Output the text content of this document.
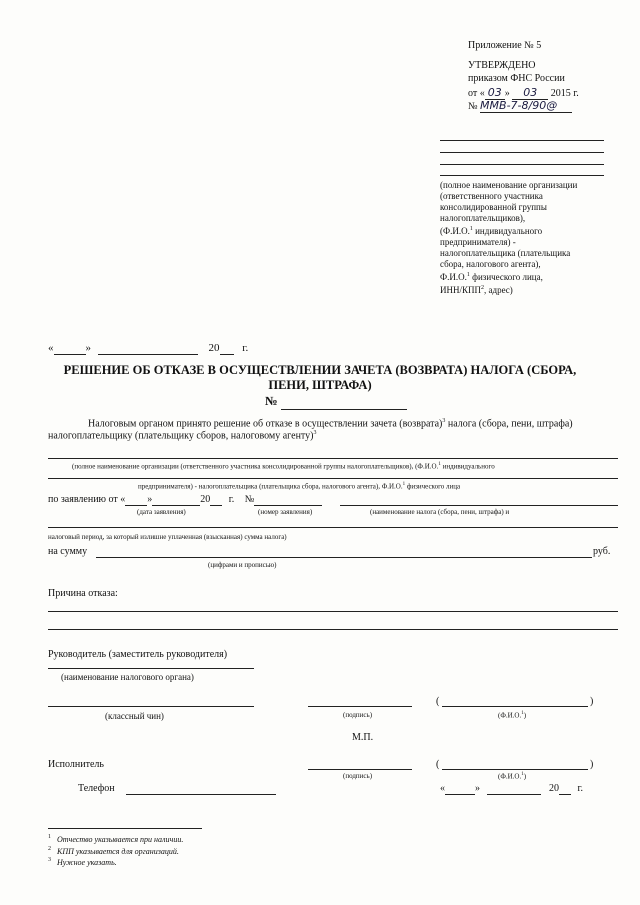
Приложение № 5
УТВЕРЖДЕНО
приказом ФНС России
от « 03 » 03 2015 г.
№ ММВ-7-8/90@
(полное наименование организации
(ответственного участника
консолидированной группы
налогоплательщиков),
(Ф.И.О.$^1$ индивидуального
предпринимателя) -
налогоплательщика (плательщика
сбора, налогового агента),
Ф.И.О.$^1$ физического лица,
ИНН/КПП$^2$, адрес)
«	»	20 г.
РЕШЕНИЕ ОБ ОТКАЗЕ В ОСУЩЕСТВЛЕНИИ ЗАЧЕТА (ВОЗВРАТА) НАЛОГА (СБОРА,
ПЕНИ, ШТРАФА)
№
Налоговым органом принято решение об отказе в осуществлении зачета (возврата)$^3$ налога (сбора, пени, штрафа)
налогоплательщику (плательщику сборов, налоговому агенту)$^3$
(полное наименование организации (ответственного участника консолидированной группы налогоплательщиков), (Ф.И.О.$^1$ индивидуального
предпринимателя) - налогоплательщика (плательщика сбора, налогового агента), Ф.И.О.$^1$ физического лица
по заявлению от « »	20 г. №
(дата заявления)	(номер заявления)	(наименование налога (сбора, пени, штрафа) и
налоговый период, за который излишне уплаченная (взысканная) сумма налога)
на сумму	руб.
(цифрами и прописью)
Причина отказа:
Руководитель (заместитель руководителя)
(наименование налогового органа)
(классный чин)	(подпись)
(	)
(Ф.И.О.$^1$)
М.П.
Исполнитель
(подпись)
(	)
(Ф.И.О.$^1$)
Телефон	«	»	20 г.
$^1$ Отчество указывается при наличии.
$^2$ КПП указывается для организаций.
$^3$ Нужное указать.
